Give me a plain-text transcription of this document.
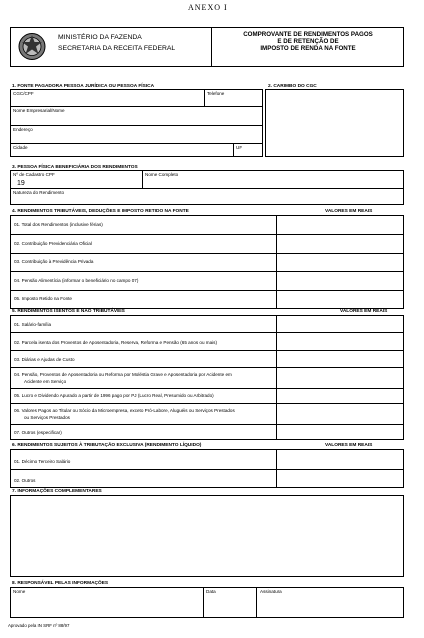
ANEXO I
MINISTÉRIO DA FAZENDA
SECRETARIA DA RECEITA FEDERAL
COMPROVANTE DE RENDIMENTOS PAGOS
E DE RETENÇÃO DE
IMPOSTO DE RENDA NA FONTE
1. FONTE PAGADORA PESSOA JURÍDICA OU PESSOA FÍSICA	2. CARIMBO DO CGC
CGC/CPF	Telefone
Nome Empresarial/Nome
Endereço
Cidade	UF
3. PESSOA FÍSICA BENEFICIÁRIA DOS RENDIMENTOS
Nº de Cadastro CPF
19
Nome Completo
Natureza do Rendimento
4. RENDIMENTOS TRIBUTÁVEIS, DEDUÇÕES E IMPOSTO RETIDO NA FONTE	VALORES EM REAIS
01. Total dos Rendimentos (inclusive férias)
02. Contribuição Previdenciária Oficial
03. Contribuição à Previdência Privada
04. Pensão Alimentícia (informar o beneficiário no campo 07)
05. Imposto Retido na Fonte
5. RENDIMENTOS ISENTOS E NÃO TRIBUTÁVEIS	VALORES EM REAIS
01. Salário-família
02. Parcela isenta dos Proventos de Aposentadoria, Reserva, Reforma e Pensão (65 anos ou mais)
03. Diárias e Ajudas de Custo
04. Pensão, Proventos de Aposentadoria ou Reforma por Moléstia Grave e Aposentadoria por Acidente em
Acidente em Serviço
05. Lucro e Dividendo Apurado a partir de 1996 pago por PJ (Lucro Real, Presumido ou Arbitrado)
06. Valores Pagos ao Titular ou Sócio da Microempresa, exceto Pró-Labore, Aluguéis ou Serviços Prestados
ou Serviços Prestados
07. Outros (especificar)
6. RENDIMENTOS SUJEITOS À TRIBUTAÇÃO EXCLUSIVA (RENDIMENTO LÍQUIDO)	VALORES EM REAIS
01. Décimo Terceiro Salário
02. Outros
7. INFORMAÇÕES COMPLEMENTARES
8. RESPONSÁVEL PELAS INFORMAÇÕES
Nome	Data	Assinatura
Aprovado pela IN SRF nº 88/97
